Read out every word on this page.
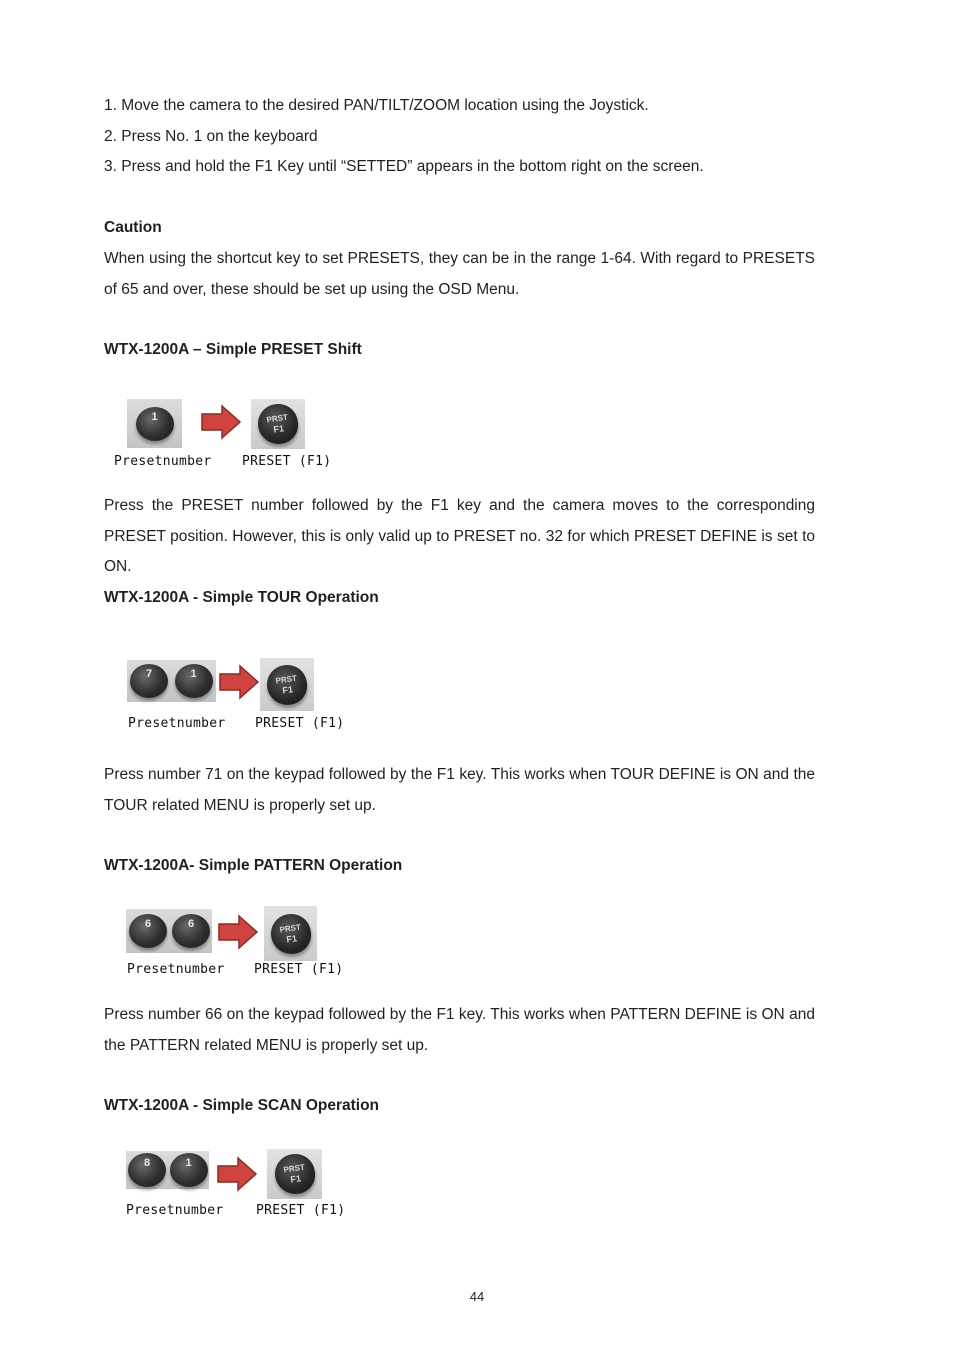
1. Move the camera to the desired PAN/TILT/ZOOM location using the Joystick.
2. Press No. 1 on the keyboard
3. Press and hold the F1 Key until “SETTED” appears in the bottom right on the screen.
Caution
When using the shortcut key to set PRESETS, they can be in the range 1-64. With regard to PRESETS of 65 and over, these should be set up using the OSD Menu.
WTX-1200A – Simple PRESET Shift
1	PRST
F1
Presetnumber PRESET (F1)
Press the PRESET number followed by the F1 key and the camera moves to the corresponding PRESET position. However, this is only valid up to PRESET no. 32 for which PRESET DEFINE is set to ON.
WTX-1200A - Simple TOUR Operation
7	1	PRST
F1
Presetnumber PRESET (F1)
Press number 71 on the keypad followed by the F1 key. This works when TOUR DEFINE is ON and the TOUR related MENU is properly set up.
WTX-1200A- Simple PATTERN Operation
6	6	PRST
F1
Presetnumber PRESET (F1)
Press number 66 on the keypad followed by the F1 key. This works when PATTERN DEFINE is ON and the PATTERN related MENU is properly set up.
WTX-1200A - Simple SCAN Operation
8	1	PRST
F1
Presetnumber PRESET (F1)
44
